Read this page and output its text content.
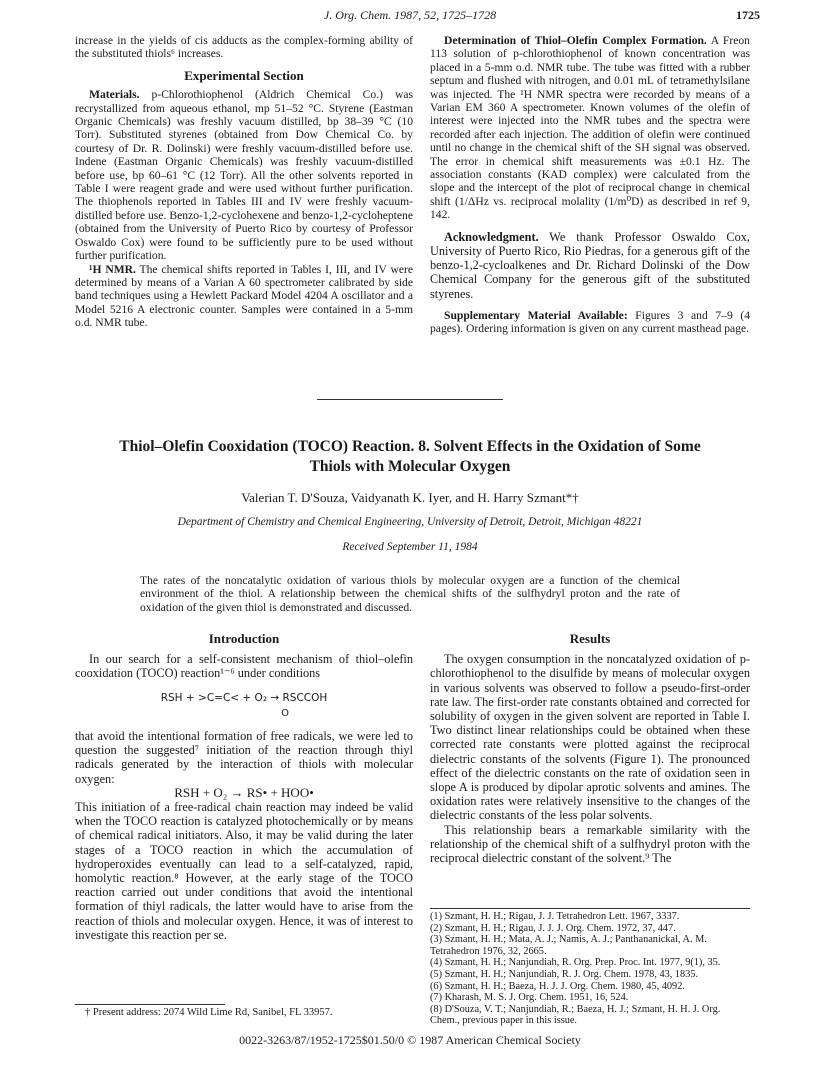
J. Org. Chem. 1987, 52, 1725–1728	1725

increase in the yields of cis adducts as the complex-forming ability of the substituted thiols⁶ increases.

Experimental Section

Materials. p-Chlorothiophenol (Aldrich Chemical Co.) was recrystallized from aqueous ethanol, mp 51–52 °C. Styrene (Eastman Organic Chemicals) was freshly vacuum distilled, bp 38–39 °C (10 Torr). Substituted styrenes (obtained from Dow Chemical Co. by courtesy of Dr. R. Dolinski) were freshly vacuum-distilled before use. Indene (Eastman Organic Chemicals) was freshly vacuum-distilled before use, bp 60–61 °C (12 Torr). All the other solvents reported in Table I were reagent grade and were used without further purification. The thiophenols reported in Tables III and IV were freshly vacuum-distilled before use. Benzo-1,2-cyclohexene and benzo-1,2-cycloheptene (obtained from the University of Puerto Rico by courtesy of Professor Oswaldo Cox) were found to be sufficiently pure to be used without further purification.

¹H NMR. The chemical shifts reported in Tables I, III, and IV were determined by means of a Varian A 60 spectrometer calibrated by side band techniques using a Hewlett Packard Model 4204 A oscillator and a Model 5216 A electronic counter. Samples were contained in a 5-mm o.d. NMR tube.

Determination of Thiol–Olefin Complex Formation. A Freon 113 solution of p-chlorothiophenol of known concentration was placed in a 5-mm o.d. NMR tube. The tube was fitted with a rubber septum and flushed with nitrogen, and 0.01 mL of tetramethylsilane was injected. The ¹H NMR spectra were recorded by means of a Varian EM 360 A spectrometer. Known volumes of the olefin of interest were injected into the NMR tubes and the spectra were recorded after each injection. The addition of olefin were continued until no change in the chemical shift of the SH signal was observed. The error in chemical shift measurements was ±0.1 Hz. The association constants (KAD complex) were calculated from the slope and the intercept of the plot of reciprocal change in chemical shift (1/ΔHz vs. reciprocal molality (1/m⁰D) as described in ref 9, 142.

Acknowledgment. We thank Professor Oswaldo Cox, University of Puerto Rico, Rio Piedras, for a generous gift of the benzo-1,2-cycloalkenes and Dr. Richard Dolinski of the Dow Chemical Company for the generous gift of the substituted styrenes.

Supplementary Material Available: Figures 3 and 7–9 (4 pages). Ordering information is given on any current masthead page.

Thiol–Olefin Cooxidation (TOCO) Reaction. 8. Solvent Effects in the Oxidation of Some Thiols with Molecular Oxygen
Valerian T. D'Souza, Vaidyanath K. Iyer, and H. Harry Szmant*†
Department of Chemistry and Chemical Engineering, University of Detroit, Detroit, Michigan 48221
Received September 11, 1984
The rates of the noncatalytic oxidation of various thiols by molecular oxygen are a function of the chemical environment of the thiol. A relationship between the chemical shifts of the sulfhydryl proton and the rate of oxidation of the given thiol is demonstrated and discussed.

Introduction

In our search for a self-consistent mechanism of thiol–olefin cooxidation (TOCO) reaction¹⁻⁶ under conditions

RSH + >C=C< + O₂ → RSCCOH
O

that avoid the intentional formation of free radicals, we were led to question the suggested⁷ initiation of the reaction through thiyl radicals generated by the interaction of thiols with molecular oxygen:

RSH + O₂ → RS• + HOO•

This initiation of a free-radical chain reaction may indeed be valid when the TOCO reaction is catalyzed photochemically or by means of chemical radical initiators. Also, it may be valid during the later stages of a TOCO reaction in which the accumulation of hydroperoxides eventually can lead to a self-catalyzed, rapid, homolytic reaction.⁸ However, at the early stage of the TOCO reaction carried out under conditions that avoid the intentional formation of thiyl radicals, the latter would have to arise from the reaction of thiols and molecular oxygen. Hence, it was of interest to investigate this reaction per se.

† Present address: 2074 Wild Lime Rd, Sanibel, FL 33957.

Results

The oxygen consumption in the noncatalyzed oxidation of p-chlorothiophenol to the disulfide by means of molecular oxygen in various solvents was observed to follow a pseudo-first-order rate law. The first-order rate constants obtained and corrected for solubility of oxygen in the given solvent are reported in Table I. Two distinct linear relationships could be obtained when these corrected rate constants were plotted against the reciprocal dielectric constants of the solvents (Figure 1). The pronounced effect of the dielectric constants on the rate of oxidation seen in slope A is produced by dipolar aprotic solvents and amines. The oxidation rates were relatively insensitive to the changes of the dielectric constants of the less polar solvents.

This relationship bears a remarkable similarity with the relationship of the chemical shift of a sulfhydryl proton with the reciprocal dielectric constant of the solvent.⁹ The

(1) Szmant, H. H.; Rigau, J. J. Tetrahedron Lett. 1967, 3337.

(2) Szmant, H. H.; Rigau, J. J. J. Org. Chem. 1972, 37, 447.

(3) Szmant, H. H.; Mata, A. J.; Namis, A. J.; Panthananickal, A. M. Tetrahedron 1976, 32, 2665.

(4) Szmant, H. H.; Nanjundiah, R. Org. Prep. Proc. Int. 1977, 9(1), 35.

(5) Szmant, H. H.; Nanjundiah, R. J. Org. Chem. 1978, 43, 1835.

(6) Szmant, H. H.; Baeza, H. J. J. Org. Chem. 1980, 45, 4092.

(7) Kharash, M. S. J. Org. Chem. 1951, 16, 524.

(8) D'Souza, V. T.; Nanjundiah, R.; Baeza, H. J.; Szmant, H. H. J. Org. Chem., previous paper in this issue.

0022-3263/87/1952-1725$01.50/0 © 1987 American Chemical Society
